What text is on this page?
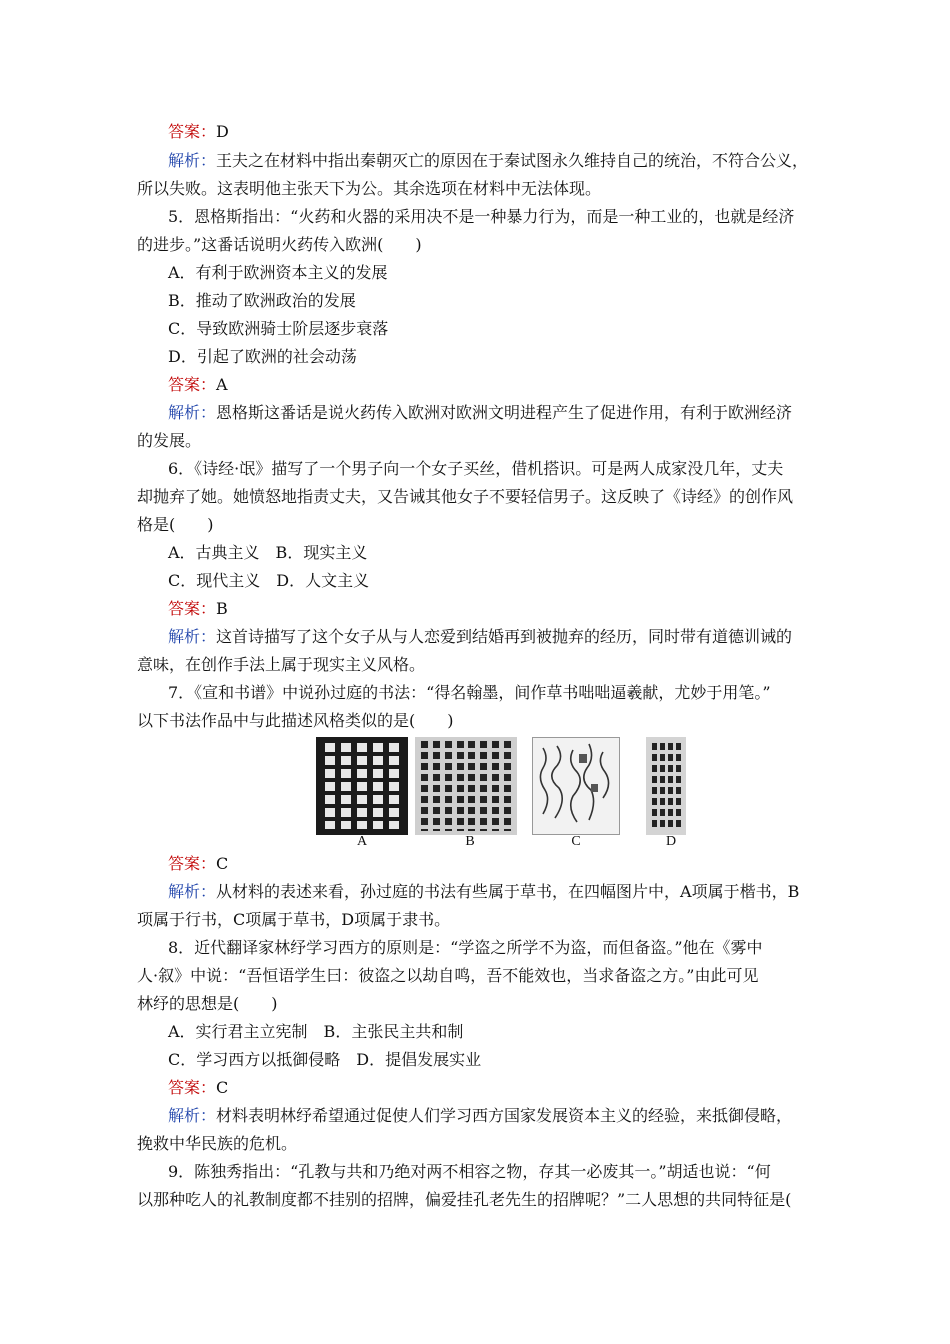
答案：D
解析：王夫之在材料中指出秦朝灭亡的原因在于秦试图永久维持自己的统治，不符合公义，
所以失败。这表明他主张天下为公。其余选项在材料中无法体现。
5．恩格斯指出：“火药和火器的采用决不是一种暴力行为，而是一种工业的，也就是经济
的进步。”这番话说明火药传入欧洲(　　)
A．有利于欧洲资本主义的发展
B．推动了欧洲政治的发展
C．导致欧洲骑士阶层逐步衰落
D．引起了欧洲的社会动荡
答案：A
解析：恩格斯这番话是说火药传入欧洲对欧洲文明进程产生了促进作用，有利于欧洲经济
的发展。
6．《诗经·氓》描写了一个男子向一个女子买丝，借机搭识。可是两人成家没几年，丈夫
却抛弃了她。她愤怒地指责丈夫，又告诫其他女子不要轻信男子。这反映了《诗经》的创作风
格是(　　)
A．古典主义　B．现实主义
C．现代主义　D．人文主义
答案：B
解析：这首诗描写了这个女子从与人恋爱到结婚再到被抛弃的经历，同时带有道德训诫的
意味，在创作手法上属于现实主义风格。
7．《宣和书谱》中说孙过庭的书法：“得名翰墨，间作草书咄咄逼羲献，尤妙于用笔。”
以下书法作品中与此描述风格类似的是(　　)
A	B	C	D
答案：C
解析：从材料的表述来看，孙过庭的书法有些属于草书，在四幅图片中，A项属于楷书，B
项属于行书，C项属于草书，D项属于隶书。
8．近代翻译家林纾学习西方的原则是：“学盗之所学不为盗，而但备盗。”他在《雾中
人·叙》中说：“吾恒语学生曰：彼盗之以劫自鸣，吾不能效也，当求备盗之方。”由此可见
林纾的思想是(　　)
A．实行君主立宪制　B．主张民主共和制
C．学习西方以抵御侵略　D．提倡发展实业
答案：C
解析：材料表明林纾希望通过促使人们学习西方国家发展资本主义的经验，来抵御侵略，
挽救中华民族的危机。
9．陈独秀指出：“孔教与共和乃绝对两不相容之物，存其一必废其一。”胡适也说：“何
以那种吃人的礼教制度都不挂别的招牌，偏爱挂孔老先生的招牌呢？”二人思想的共同特征是(
